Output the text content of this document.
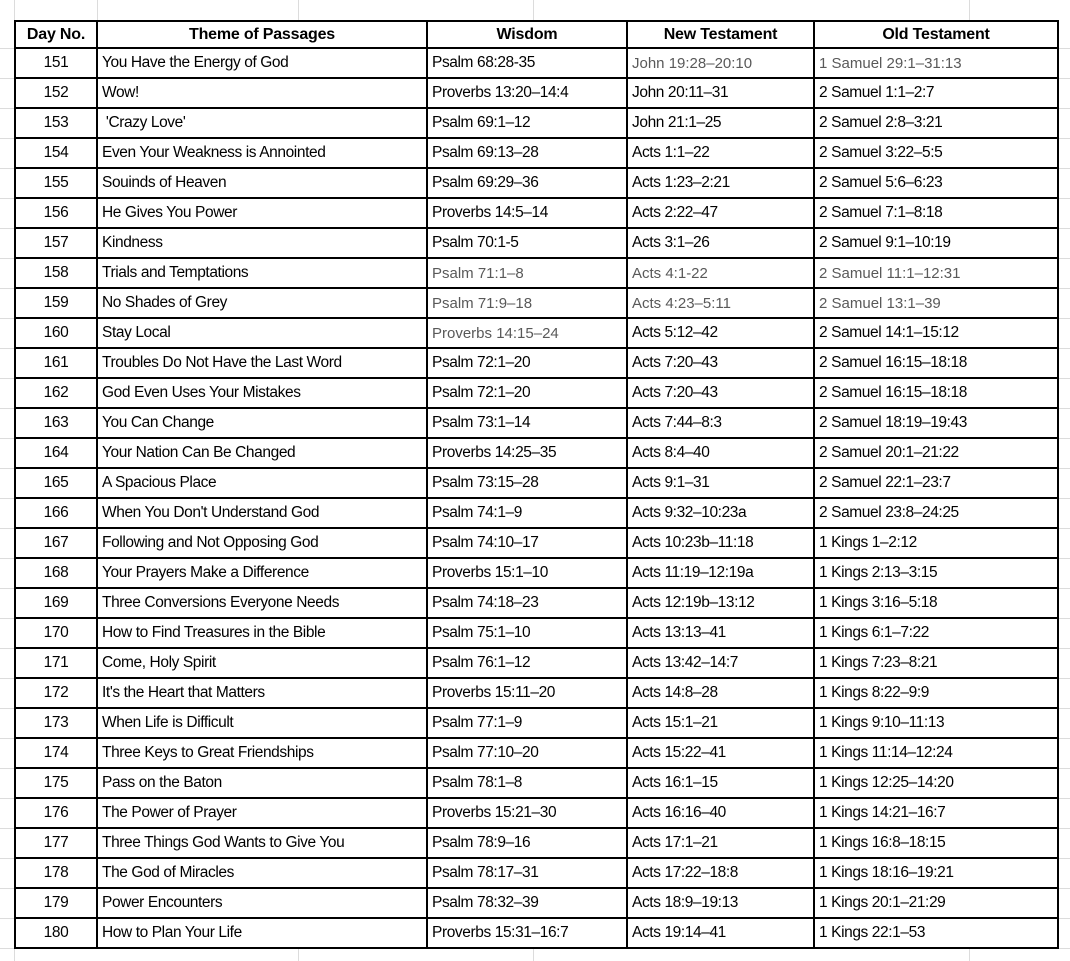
Day No.	Theme of Passages	Wisdom	New Testament	Old Testament
151	You Have the Energy of God	Psalm 68:28-35	John 19:28–20:10	1 Samuel 29:1–31:13
152	Wow!	Proverbs 13:20–14:4	John 20:11–31	2 Samuel 1:1–2:7
153	'Crazy Love'	Psalm 69:1–12	John 21:1–25	2 Samuel 2:8–3:21
154	Even Your Weakness is Annointed	Psalm 69:13–28	Acts 1:1–22	2 Samuel 3:22–5:5
155	Souinds of Heaven	Psalm 69:29–36	Acts 1:23–2:21	2 Samuel 5:6–6:23
156	He Gives You Power	Proverbs 14:5–14	Acts 2:22–47	2 Samuel 7:1–8:18
157	Kindness	Psalm 70:1-5	Acts 3:1–26	2 Samuel 9:1–10:19
158	Trials and Temptations	Psalm 71:1–8	Acts 4:1-22	2 Samuel 11:1–12:31
159	No Shades of Grey	Psalm 71:9–18	Acts 4:23–5:11	2 Samuel 13:1–39
160	Stay Local	Proverbs 14:15–24	Acts 5:12–42	2 Samuel 14:1–15:12
161	Troubles Do Not Have the Last Word	Psalm 72:1–20	Acts 7:20–43	2 Samuel 16:15–18:18
162	God Even Uses Your Mistakes	Psalm 72:1–20	Acts 7:20–43	2 Samuel 16:15–18:18
163	You Can Change	Psalm 73:1–14	Acts 7:44–8:3	2 Samuel 18:19–19:43
164	Your Nation Can Be Changed	Proverbs 14:25–35	Acts 8:4–40	2 Samuel 20:1–21:22
165	A Spacious Place	Psalm 73:15–28	Acts 9:1–31	2 Samuel 22:1–23:7
166	When You Don't Understand God	Psalm 74:1–9	Acts 9:32–10:23a	2 Samuel 23:8–24:25
167	Following and Not Opposing God	Psalm 74:10–17	Acts 10:23b–11:18	1 Kings 1–2:12
168	Your Prayers Make a Difference	Proverbs 15:1–10	Acts 11:19–12:19a	1 Kings 2:13–3:15
169	Three Conversions Everyone Needs	Psalm 74:18–23	Acts 12:19b–13:12	1 Kings 3:16–5:18
170	How to Find Treasures in the Bible	Psalm 75:1–10	Acts 13:13–41	1 Kings 6:1–7:22
171	Come, Holy Spirit	Psalm 76:1–12	Acts 13:42–14:7	1 Kings 7:23–8:21
172	It's the Heart that Matters	Proverbs 15:11–20	Acts 14:8–28	1 Kings 8:22–9:9
173	When Life is Difficult	Psalm 77:1–9	Acts 15:1–21	1 Kings 9:10–11:13
174	Three Keys to Great Friendships	Psalm 77:10–20	Acts 15:22–41	1 Kings 11:14–12:24
175	Pass on the Baton	Psalm 78:1–8	Acts 16:1–15	1 Kings 12:25–14:20
176	The Power of Prayer	Proverbs 15:21–30	Acts 16:16–40	1 Kings 14:21–16:7
177	Three Things God Wants to Give You	Psalm 78:9–16	Acts 17:1–21	1 Kings 16:8–18:15
178	The God of Miracles	Psalm 78:17–31	Acts 17:22–18:8	1 Kings 18:16–19:21
179	Power Encounters	Psalm 78:32–39	Acts 18:9–19:13	1 Kings 20:1–21:29
180	How to Plan Your Life	Proverbs 15:31–16:7	Acts 19:14–41	1 Kings 22:1–53
